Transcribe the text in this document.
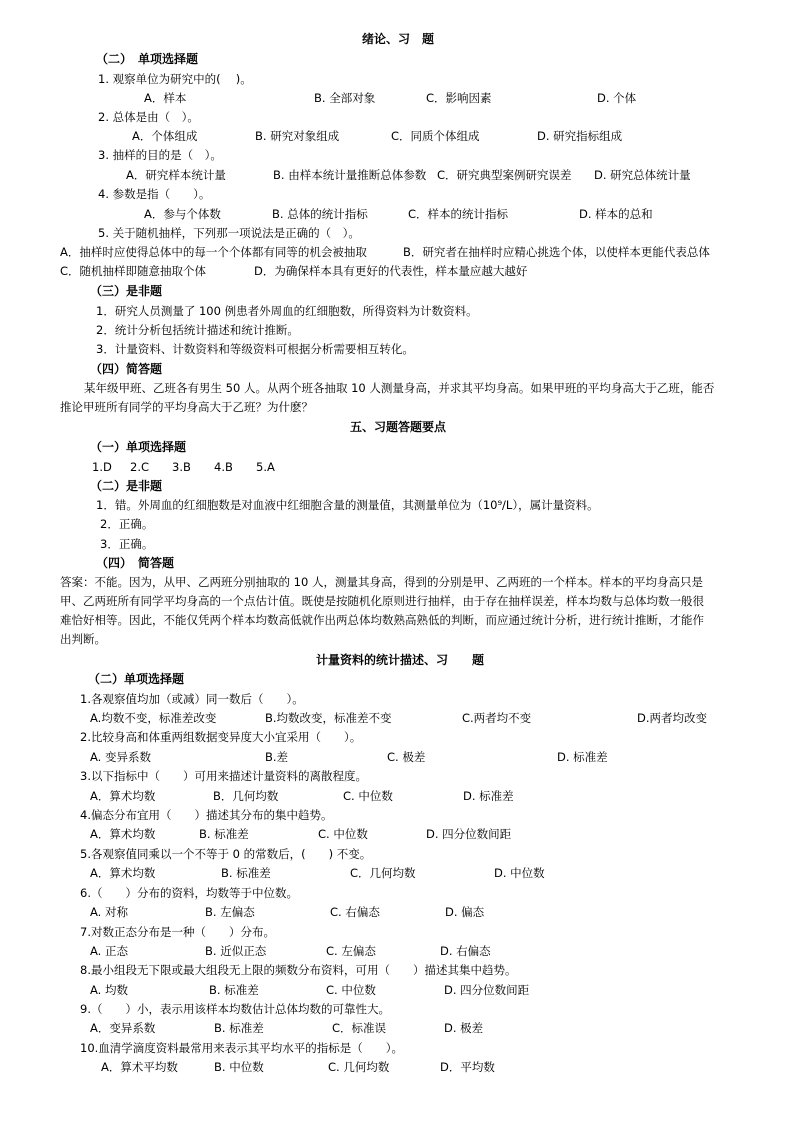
绪论、习　题
（二）　单项选择题
1. 观察单位为研究中的(　 )。
A．样本	B. 全部对象	C．影响因素	D. 个体
2. 总体是由（　）。
A．个体组成	B. 研究对象组成	C．同质个体组成	D. 研究指标组成
3. 抽样的目的是（　）。
A．研究样本统计量	B. 由样本统计量推断总体参数 C．研究典型案例研究误差 D. 研究总体统计量
4. 参数是指（　　）。
A．参与个体数	B. 总体的统计指标	C．样本的统计指标	D. 样本的总和
5. 关于随机抽样，下列那一项说法是正确的（　）。
A．抽样时应使得总体中的每一个个体都有同等的机会被抽取	B．研究者在抽样时应精心挑选个体，以使样本更能代表总体
C．随机抽样即随意抽取个体	D．为确保样本具有更好的代表性，样本量应越大越好
（三）是非题
1．研究人员测量了 100 例患者外周血的红细胞数，所得资料为计数资料。
2．统计分析包括统计描述和统计推断。
3．计量资料、计数资料和等级资料可根据分析需要相互转化。
（四）简答题
某年级甲班、乙班各有男生 50 人。从两个班各抽取 10 人测量身高，并求其平均身高。如果甲班的平均身高大于乙班，能否
推论甲班所有同学的平均身高大于乙班？为什麽？
五、习题答题要点
（一）单项选择题
1.D 2.C 3.B 4.B 5.A
（二）是非题
1．错。外周血的红细胞数是对血液中红细胞含量的测量值，其测量单位为（10⁹/L），属计量资料。
2．正确。
3．正确。
（四）　简答题
答案：不能。因为，从甲、乙两班分别抽取的 10 人，测量其身高，得到的分别是甲、乙两班的一个样本。样本的平均身高只是
甲、乙两班所有同学平均身高的一个点估计值。既使是按随机化原则进行抽样，由于存在抽样误差，样本均数与总体均数一般很
难恰好相等。因此，不能仅凭两个样本均数高低就作出两总体均数熟高熟低的判断，而应通过统计分析，进行统计推断，才能作
出判断。
计量资料的统计描述、习　　题
（二）单项选择题
1.各观察值均加（或减）同一数后（　　）。
A.均数不变，标准差改变	B.均数改变，标准差不变	C.两者均不变	D.两者均改变
2.比较身高和体重两组数据变异度大小宜采用（　　）。
A. 变异系数	B.差	C. 极差	D. 标准差
3.以下指标中（　　）可用来描述计量资料的离散程度。
A．算术均数	B．几何均数	C. 中位数	D. 标准差
4.偏态分布宜用（　　）描述其分布的集中趋势。
A．算术均数	B. 标准差	C. 中位数	D. 四分位数间距
5.各观察值同乘以一个不等于 0 的常数后，(　　) 不变。
A．算术均数	B. 标准差	C．几何均数	D. 中位数
6.（　　）分布的资料，均数等于中位数。
A. 对称	B. 左偏态	C. 右偏态	D. 偏态
7.对数正态分布是一种（　　）分布。
A. 正态	B. 近似正态	C. 左偏态	D. 右偏态
8.最小组段无下限或最大组段无上限的频数分布资料，可用（　　）描述其集中趋势。
A. 均数	B. 标准差	C. 中位数	D. 四分位数间距
9.（　　）小，表示用该样本均数估计总体均数的可靠性大。
A．变异系数	B. 标准差	C．标准误	D. 极差
10.血清学滴度资料最常用来表示其平均水平的指标是（　　）。
A．算术平均数	B. 中位数	C. 几何均数	D．平均数
